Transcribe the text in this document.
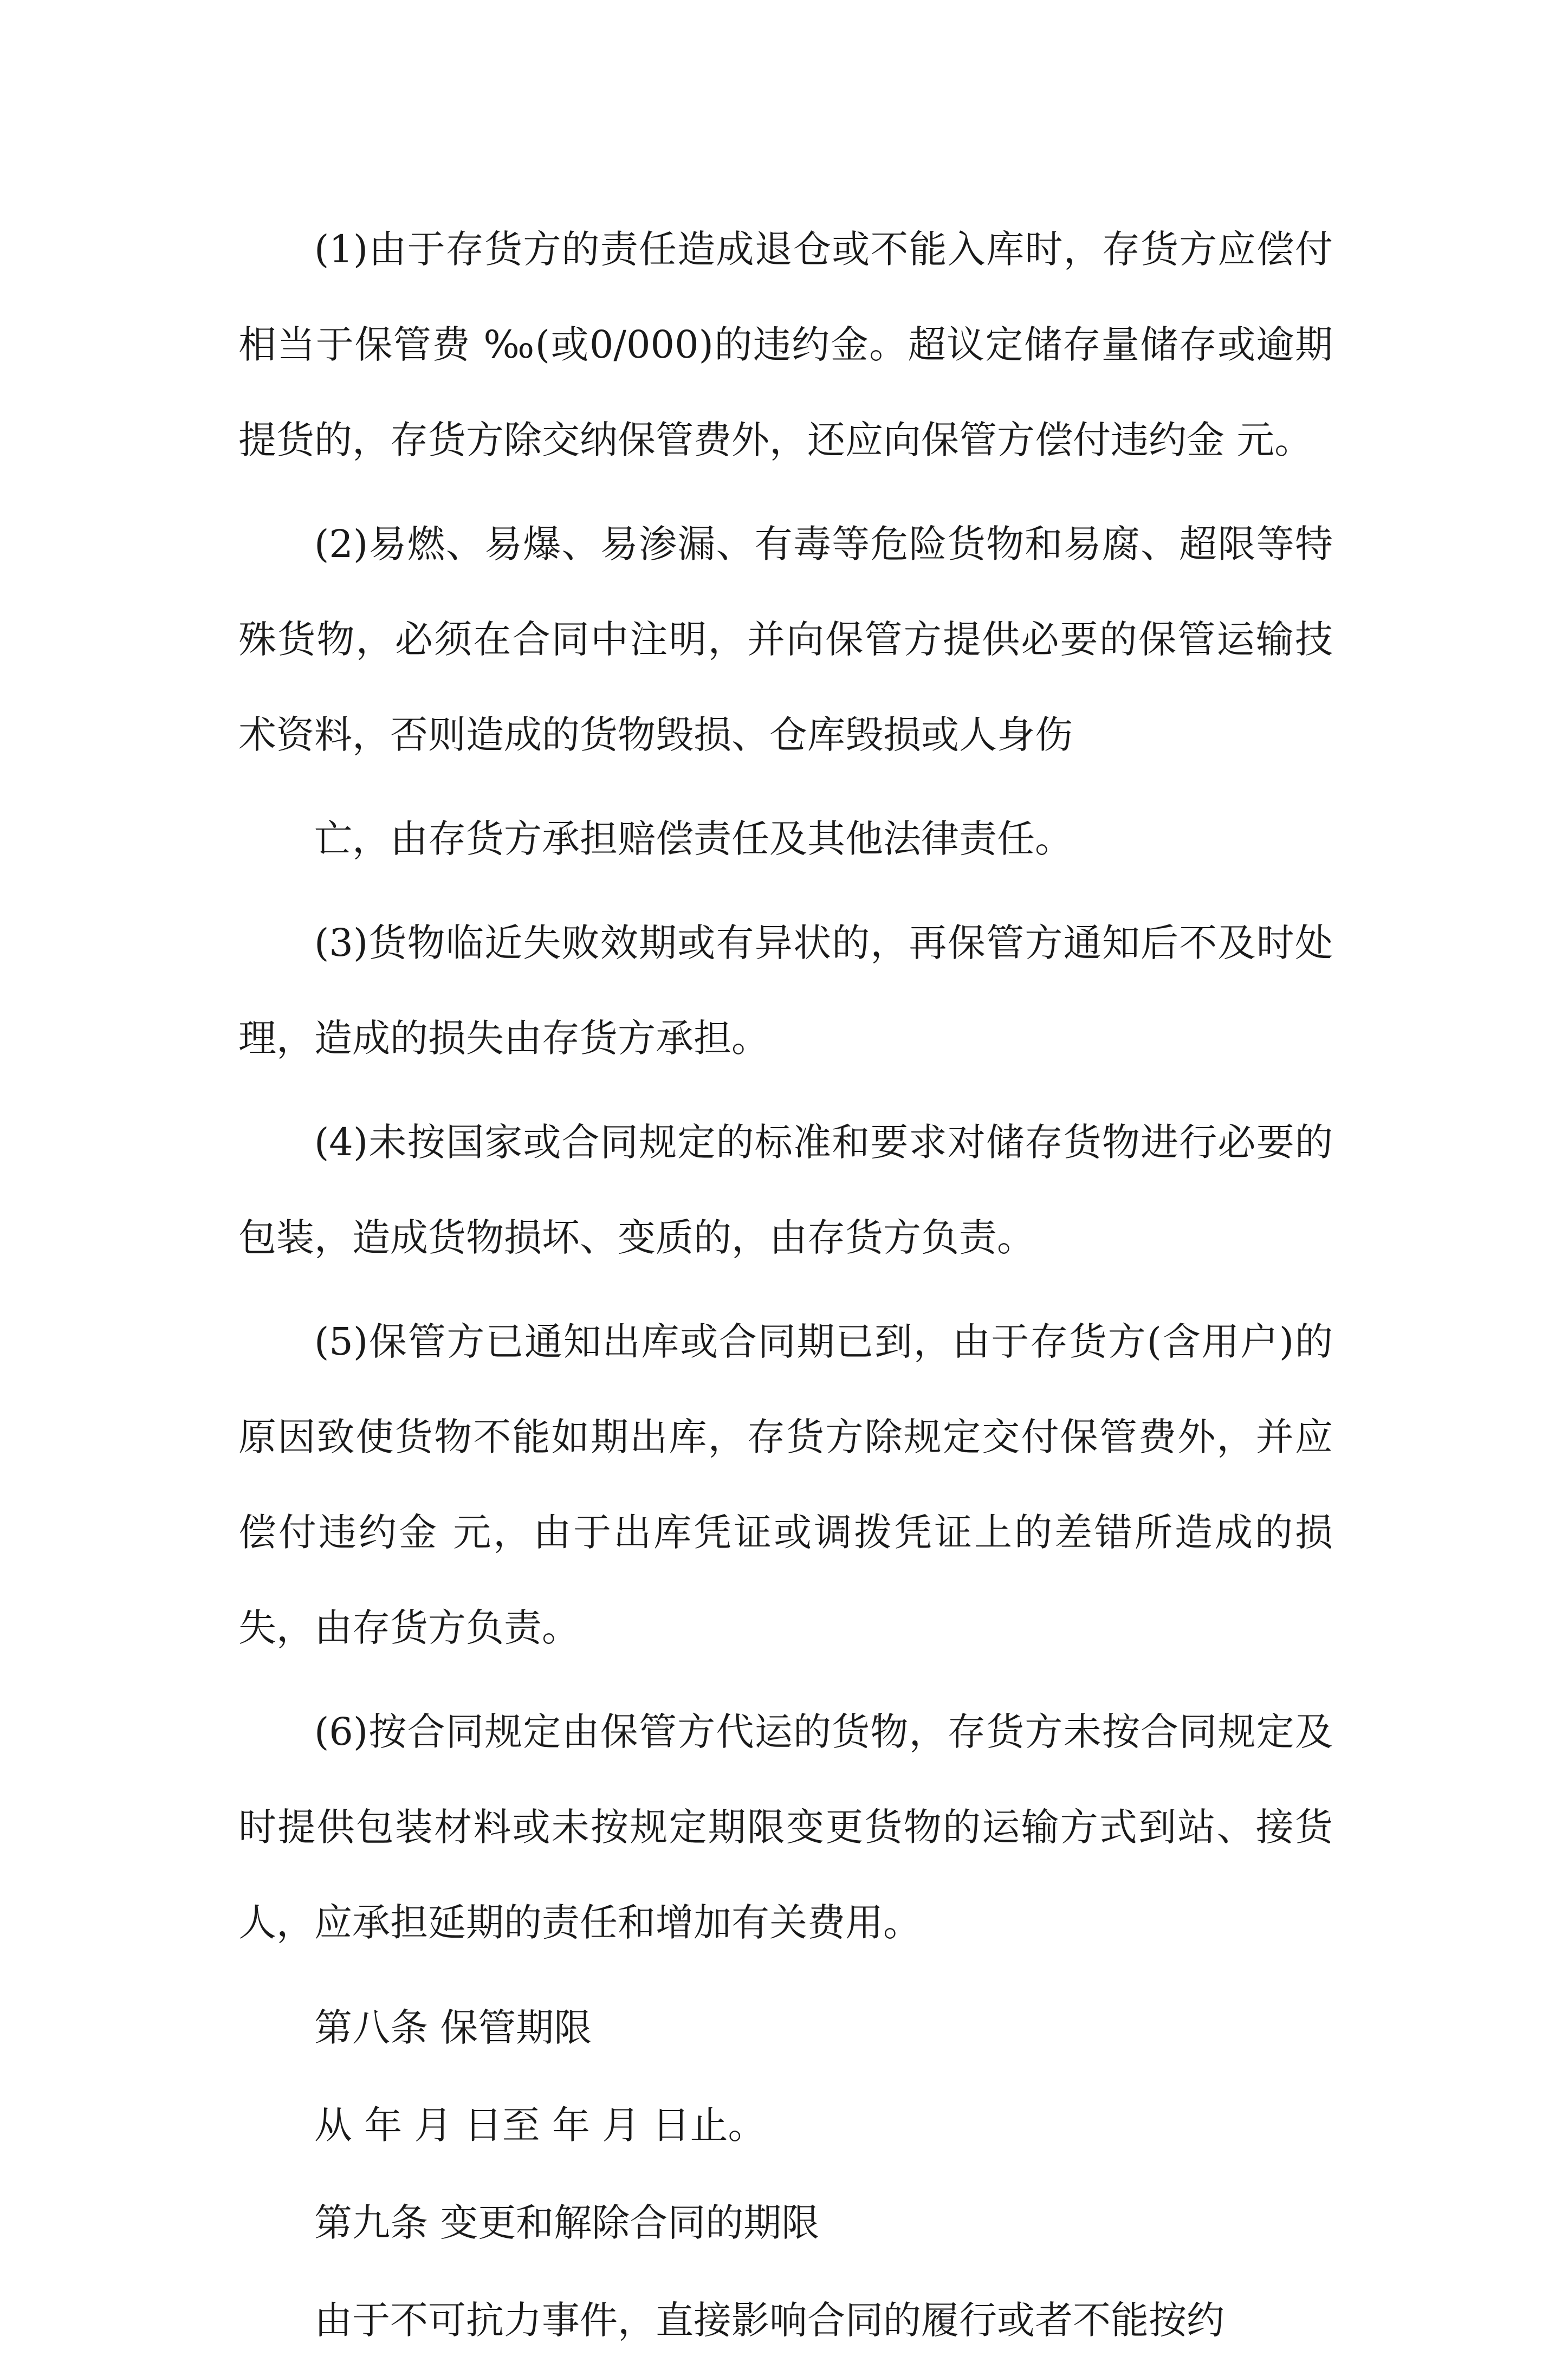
(1)由于存货方的责任造成退仓或不能入库时，存货方应偿付相当于保管费 ‰(或0/000)的违约金。超议定储存量储存或逾期提货的，存货方除交纳保管费外，还应向保管方偿付违约金 元。

(2)易燃、易爆、易渗漏、有毒等危险货物和易腐、超限等特殊货物，必须在合同中注明，并向保管方提供必要的保管运输技术资料，否则造成的货物毁损、仓库毁损或人身伤

亡，由存货方承担赔偿责任及其他法律责任。

(3)货物临近失败效期或有异状的，再保管方通知后不及时处理，造成的损失由存货方承担。

(4)未按国家或合同规定的标准和要求对储存货物进行必要的包装，造成货物损坏、变质的，由存货方负责。

(5)保管方已通知出库或合同期已到，由于存货方(含用户)的原因致使货物不能如期出库，存货方除规定交付保管费外，并应偿付违约金 元，由于出库凭证或调拨凭证上的差错所造成的损失，由存货方负责。

(6)按合同规定由保管方代运的货物，存货方未按合同规定及时提供包装材料或未按规定期限变更货物的运输方式到站、接货人，应承担延期的责任和增加有关费用。

第八条 保管期限

从 年 月 日至 年 月 日止。

第九条 变更和解除合同的期限

由于不可抗力事件，直接影响合同的履行或者不能按约
